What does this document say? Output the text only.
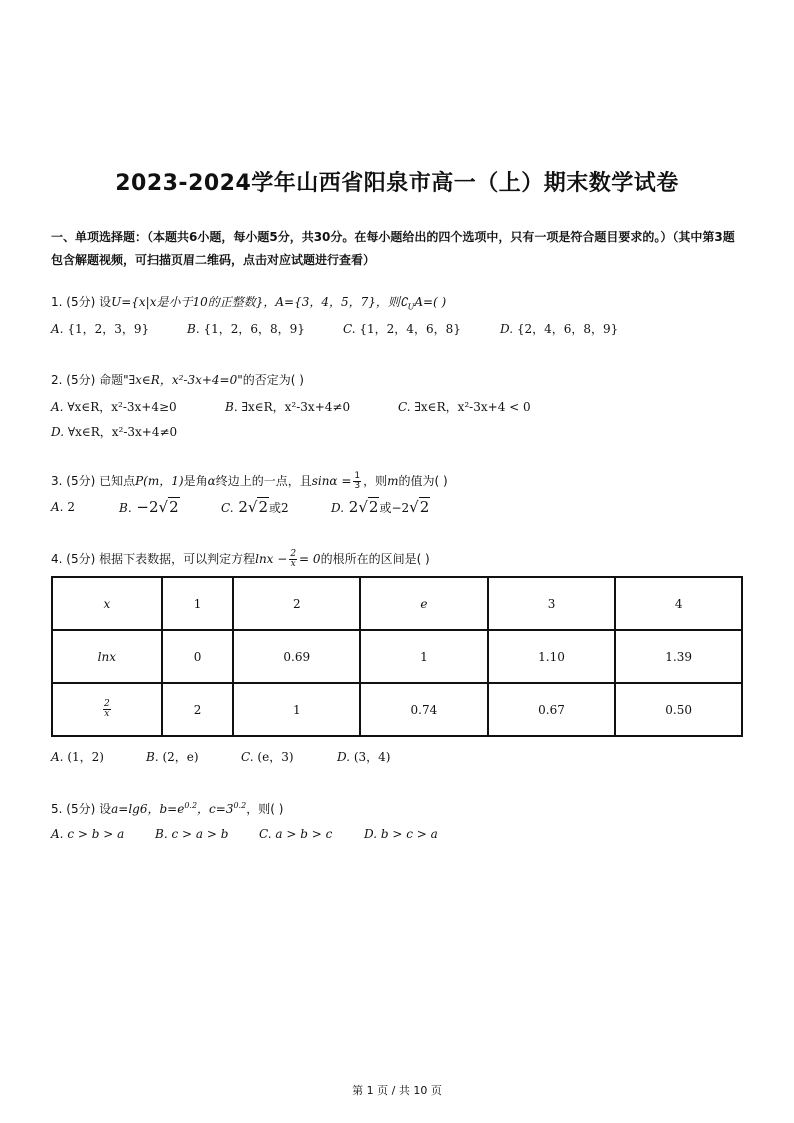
2023-2024学年山西省阳泉市高一（上）期末数学试卷
一、单项选择题：（本题共6小题，每小题5分，共30分。在每小题给出的四个选项中，只有一项是符合题目要求的。）（其中第3题包含解题视频，可扫描页眉二维码，点击对应试题进行查看）
1. (5分) 设U={x|x是小于10的正整数}，A={3，4，5，7}，则$∁_UA=$( )
A. {1，2，3，9}	B. {1，2，6，8，9}	C. {1，2，4，6，8}	D. {2，4，6，8，9}
2. (5分) 命题"∃x∈R，x²-3x+4=0"的否定为( )
A. ∀x∈R，x²-3x+4≥0	B. ∃x∈R，x²-3x+4≠0	C. ∃x∈R，x²-3x+4 < 0
D. ∀x∈R，x²-3x+4≠0
3. (5分) 已知点P(m，1)是角α终边上的一点，且$\sin\alpha = \frac{1}{3}$ ，则m的值为( )
A. 2	B. −2√2	C. 2√2或2	D. 2√2或−2√2
4. (5分) 根据下表数据，可以判定方程$\ln x - \frac{2}{x} = 0$的根所在的区间是( )
x	1	2	e	3	4
lnx	0	0.69	1	1.10	1.39

$\frac{2}{x}$	2	1	0.74	0.67	0.50
A. (1，2)	B. (2，e)	C. (e，3)	D. (3，4)
5. (5分) 设a=lg6，$b=e^{0.2}$，$c=3^{0.2}$，则( )
A. c > b > a	B. c > a > b	C. a > b > c	D. b > c > a
第 1 页 / 共 10 页
